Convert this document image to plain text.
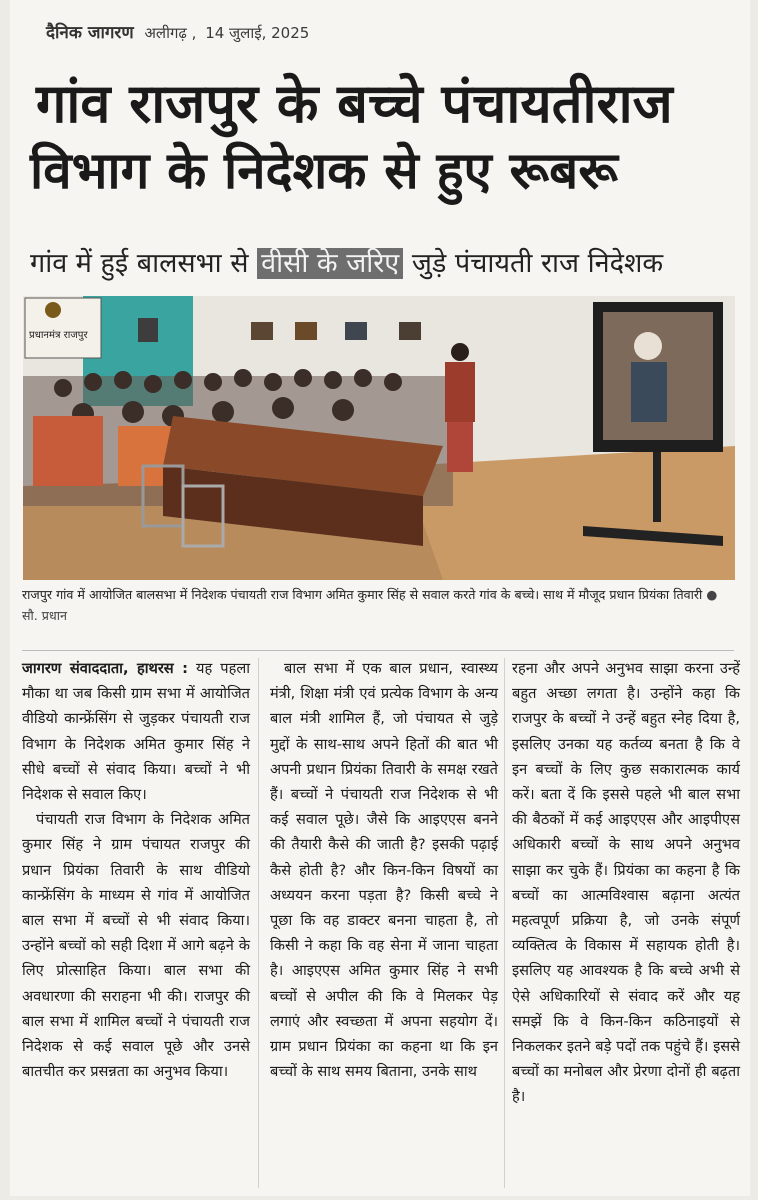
दैनिक जागरण अलीगढ़ , 14 जुलाई, 2025
गांव राजपुर के बच्चे पंचायतीराज
विभाग के निदेशक से हुए रूबरू
गांव में हुई बालसभा से वीसी के जरिए जुड़े पंचायती राज निदेशक
प्रधानमंत्र राजपुर
राजपुर गांव में आयोजित बालसभा में निदेशक पंचायती राज विभाग अमित कुमार सिंह से सवाल करते गांव के बच्चे। साथ में मौजूद प्रधान प्रियंका तिवारी ● सौ. प्रधान

जागरण संवाददाता, हाथरस : यह पहला मौका था जब किसी ग्राम सभा में आयोजित वीडियो कान्फ्रेंसिंग से जुड़कर पंचायती राज विभाग के निदेशक अमित कुमार सिंह ने सीधे बच्चों से संवाद किया। बच्चों ने भी निदेशक से सवाल किए।

पंचायती राज विभाग के निदेशक अमित कुमार सिंह ने ग्राम पंचायत राजपुर की प्रधान प्रियंका तिवारी के साथ वीडियो कान्फ्रेंसिंग के माध्यम से गांव में आयोजित बाल सभा में बच्चों से भी संवाद किया। उन्होंने बच्चों को सही दिशा में आगे बढ़ने के लिए प्रोत्साहित किया। बाल सभा की अवधारणा की सराहना भी की। राजपुर की बाल सभा में शामिल बच्चों ने पंचायती राज निदेशक से कई सवाल पूछे और उनसे बातचीत कर प्रसन्नता का अनुभव किया।

बाल सभा में एक बाल प्रधान, स्वास्थ्य मंत्री, शिक्षा मंत्री एवं प्रत्येक विभाग के अन्य बाल मंत्री शामिल हैं, जो पंचायत से जुड़े मुद्दों के साथ-साथ अपने हितों की बात भी अपनी प्रधान प्रियंका तिवारी के समक्ष रखते हैं। बच्चों ने पंचायती राज निदेशक से भी कई सवाल पूछे। जैसे कि आइएएस बनने की तैयारी कैसे की जाती है? इसकी पढ़ाई कैसे होती है? और किन-किन विषयों का अध्ययन करना पड़ता है? किसी बच्चे ने पूछा कि वह डाक्टर बनना चाहता है, तो किसी ने कहा कि वह सेना में जाना चाहता है। आइएएस अमित कुमार सिंह ने सभी बच्चों से अपील की कि वे मिलकर पेड़ लगाएं और स्वच्छता में अपना सहयोग दें। ग्राम प्रधान प्रियंका का कहना था कि इन बच्चों के साथ समय बिताना, उनके साथ

रहना और अपने अनुभव साझा करना उन्हें बहुत अच्छा लगता है। उन्होंने कहा कि राजपुर के बच्चों ने उन्हें बहुत स्नेह दिया है, इसलिए उनका यह कर्तव्य बनता है कि वे इन बच्चों के लिए कुछ सकारात्मक कार्य करें। बता दें कि इससे पहले भी बाल सभा की बैठकों में कई आइएएस और आइपीएस अधिकारी बच्चों के साथ अपने अनुभव साझा कर चुके हैं। प्रियंका का कहना है कि बच्चों का आत्मविश्वास बढ़ाना अत्यंत महत्वपूर्ण प्रक्रिया है, जो उनके संपूर्ण व्यक्तित्व के विकास में सहायक होती है। इसलिए यह आवश्यक है कि बच्चे अभी से ऐसे अधिकारियों से संवाद करें और यह समझें कि वे किन-किन कठिनाइयों से निकलकर इतने बड़े पदों तक पहुंचे हैं। इससे बच्चों का मनोबल और प्रेरणा दोनों ही बढ़ता है।
